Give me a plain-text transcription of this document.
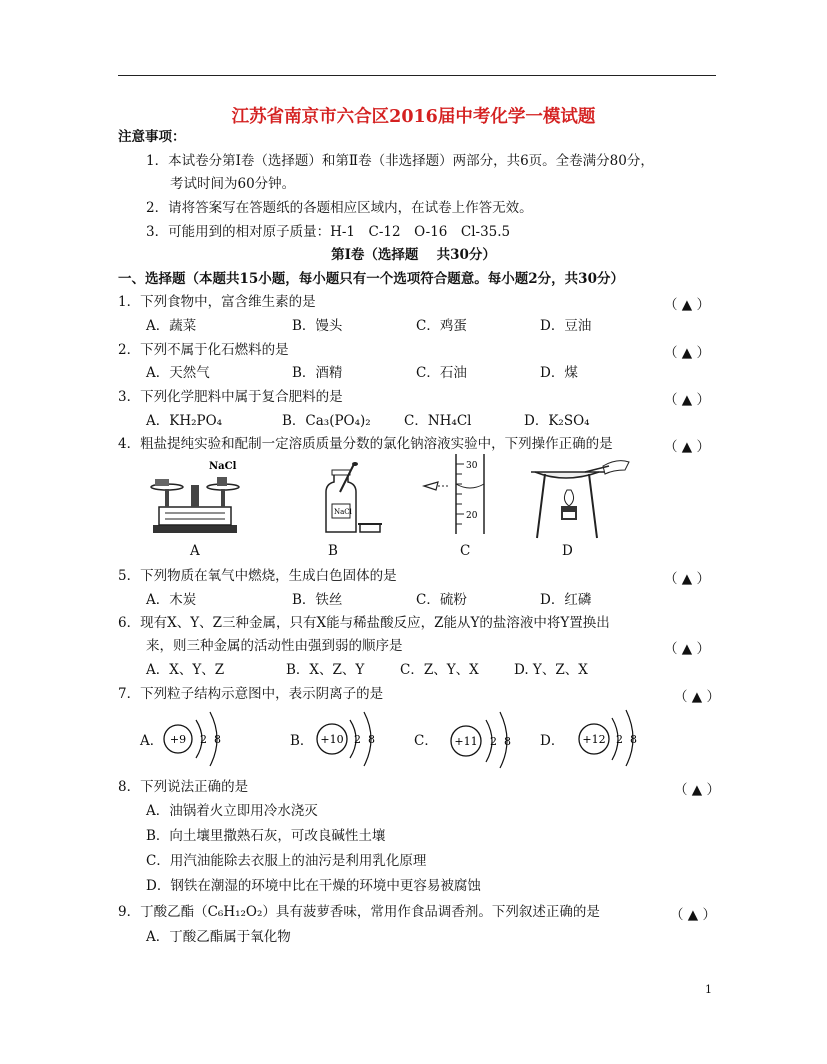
江苏省南京市六合区2016届中考化学一模试题
注意事项：
1．本试卷分第Ⅰ卷（选择题）和第Ⅱ卷（非选择题）两部分，共6页。全卷满分80分，
考试时间为60分钟。
2．请将答案写在答题纸的各题相应区域内，在试卷上作答无效。
3．可能用到的相对原子质量：H-1　C-12　O-16　Cl-35.5
第Ⅰ卷（选择题　 共30分）
一、选择题（本题共15小题，每小题只有一个选项符合题意。每小题2分，共30分）
1．下列食物中，富含维生素的是	（ ▲ ）
A．蔬菜	B．馒头	C．鸡蛋	D．豆油
2．下列不属于化石燃料的是	（ ▲ ）
A．天然气	B．酒精	C．石油	D．煤
3．下列化学肥料中属于复合肥料的是	（ ▲ ）
A．KH₂PO₄	B．Ca₃(PO₄)₂ C．NH₄Cl	D．K₂SO₄
4．粗盐提纯实验和配制一定溶质质量分数的氯化钠溶液实验中，下列操作正确的是	（ ▲ ）
NaCl
NaCl
30
20
A	B	C	D
5．下列物质在氧气中燃烧，生成白色固体的是	（ ▲ ）
A．木炭	B．铁丝	C．硫粉	D．红磷
6．现有X、Y、Z三种金属，只有X能与稀盐酸反应，Z能从Y的盐溶液中将Y置换出
来，则三种金属的活动性由强到弱的顺序是	（ ▲ ）
A．X、Y、Z	B．X、Z、Y	C．Z、Y、X	D. Y、Z、X
7．下列粒子结构示意图中，表示阴离子的是	（ ▲ ）
A． +9 2 8	B． +10 2 8	C． +11 2 8 D． +12 2 8
8．下列说法正确的是	（ ▲ ）
A．油锅着火立即用冷水浇灭
B．向土壤里撒熟石灰，可改良碱性土壤
C．用汽油能除去衣服上的油污是利用乳化原理
D．钢铁在潮湿的环境中比在干燥的环境中更容易被腐蚀
9．丁酸乙酯（C₆H₁₂O₂）具有菠萝香味，常用作食品调香剂。下列叙述正确的是	（ ▲ ）
A．丁酸乙酯属于氧化物
1
